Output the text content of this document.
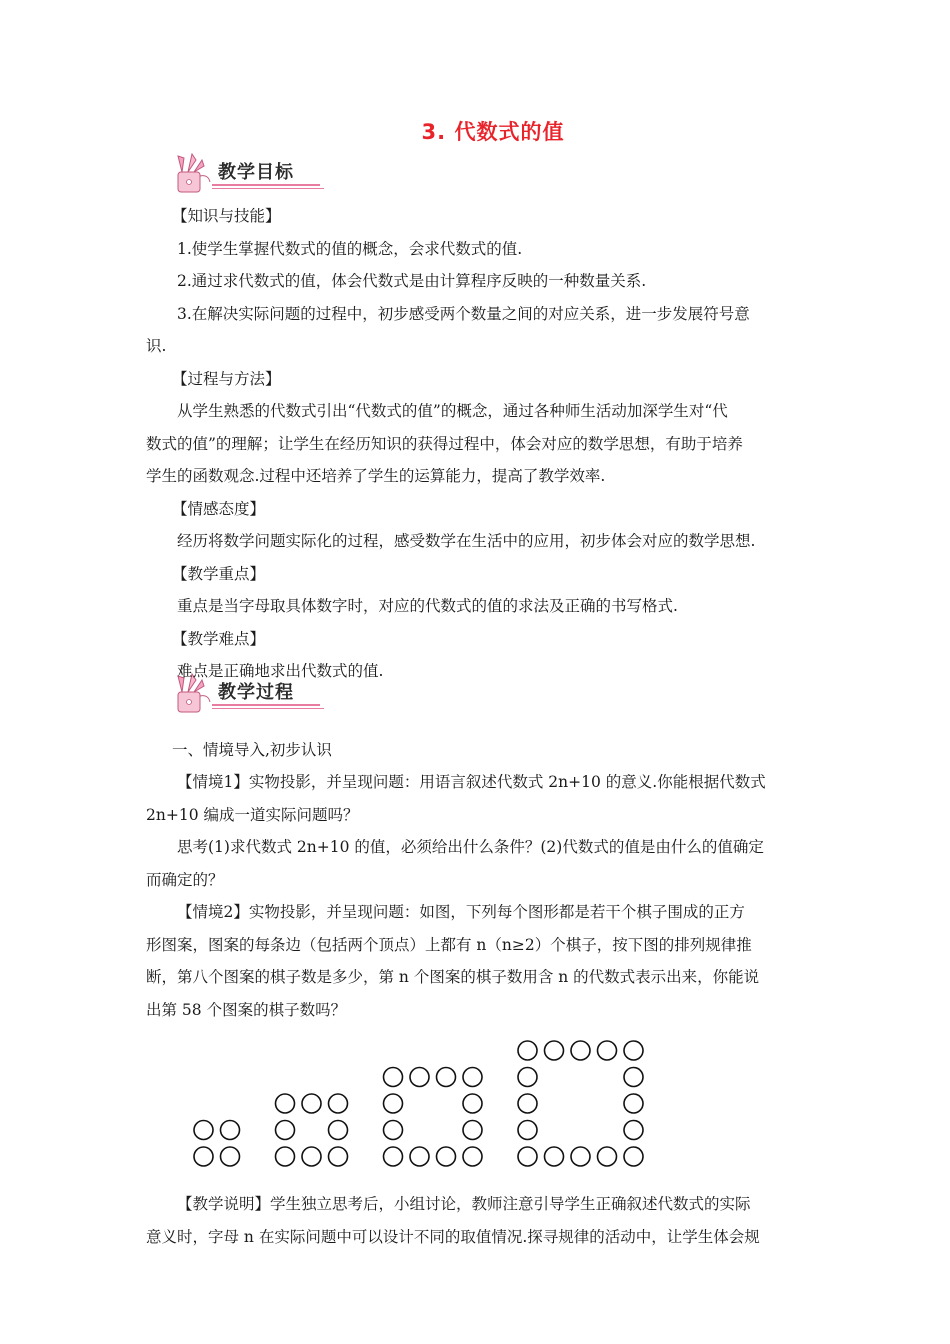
3. 代数式的值
教学目标
教学过程

【知识与技能】

1.使学生掌握代数式的值的概念，会求代数式的值.

2.通过求代数式的值，体会代数式是由计算程序反映的一种数量关系.

3.在解决实际问题的过程中，初步感受两个数量之间的对应关系，进一步发展符号意

识.

【过程与方法】

从学生熟悉的代数式引出“代数式的值”的概念，通过各种师生活动加深学生对“代

数式的值”的理解；让学生在经历知识的获得过程中，体会对应的数学思想，有助于培养

学生的函数观念.过程中还培养了学生的运算能力，提高了教学效率.

【情感态度】

经历将数学问题实际化的过程，感受数学在生活中的应用，初步体会对应的数学思想.

【教学重点】

重点是当字母取具体数字时，对应的代数式的值的求法及正确的书写格式.

【教学难点】

难点是正确地求出代数式的值.

一、情境导入,初步认识

【情境1】实物投影，并呈现问题：用语言叙述代数式 2n+10 的意义.你能根据代数式

2n+10 编成一道实际问题吗？

思考(1)求代数式 2n+10 的值，必须给出什么条件？(2)代数式的值是由什么的值确定

而确定的？

【情境2】实物投影，并呈现问题：如图，下列每个图形都是若干个棋子围成的正方

形图案，图案的每条边（包括两个顶点）上都有 n（n≥2）个棋子，按下图的排列规律推

断，第八个图案的棋子数是多少，第 n 个图案的棋子数用含 n 的代数式表示出来，你能说

出第 58 个图案的棋子数吗？

【教学说明】学生独立思考后，小组讨论，教师注意引导学生正确叙述代数式的实际

意义时，字母 n 在实际问题中可以设计不同的取值情况.探寻规律的活动中，让学生体会规
